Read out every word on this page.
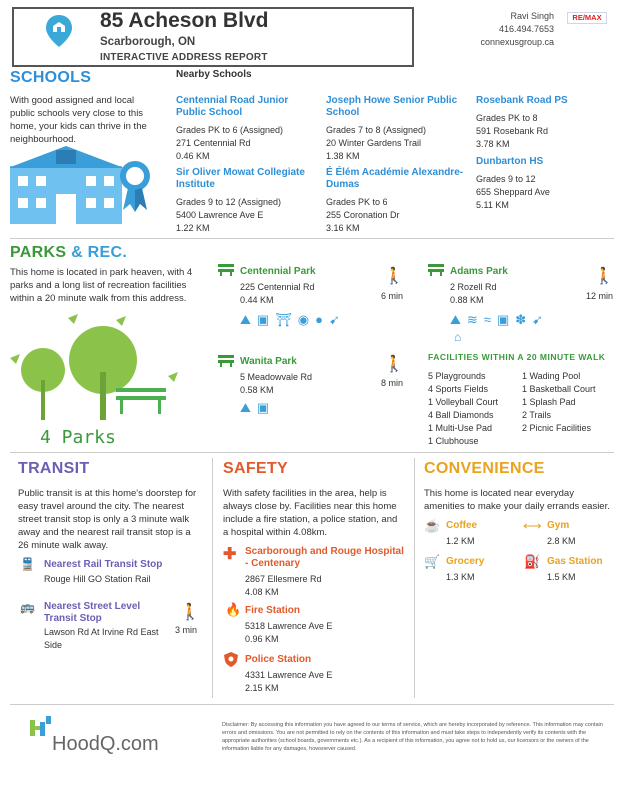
85 Acheson Blvd
Scarborough, ON
INTERACTIVE ADDRESS REPORT
Ravi Singh
416.494.7653
connexusgroup.ca
RE/MAX
SCHOOLS
With good assigned and local public schools very close to this home, your kids can thrive in the neighbourhood.
Nearby Schools
Centennial Road Junior Public School
Grades PK to 6 (Assigned)
271 Centennial Rd
0.46 KM
Joseph Howe Senior Public School
Grades 7 to 8 (Assigned)
20 Winter Gardens Trail
1.38 KM
Rosebank Road PS
Grades PK to 8
591 Rosebank Rd
3.78 KM
Sir Oliver Mowat Collegiate Institute
Grades 9 to 12 (Assigned)
5400 Lawrence Ave E
1.22 KM
É Élém Académie Alexandre-Dumas
Grades PK to 6
255 Coronation Dr
3.16 KM
Dunbarton HS
Grades 9 to 12
655 Sheppard Ave
5.11 KM
PARKS & REC.
This home is located in park heaven, with 4 parks and a long list of recreation facilities within a 20 minute walk from this address.
4 Parks
Centennial Park
225 Centennial Rd
0.44 KM
🚶
6 min
⛰ ▣ ⛩ ◉ ● ➹
Adams Park
2 Rozell Rd
0.88 KM
🚶
12 min
⛰ ≋ ≈ ▣ ✽ ➹
⌂
Wanita Park
5 Meadowvale Rd
0.58 KM
🚶
8 min
⛰ ▣
FACILITIES WITHIN A 20 MINUTE WALK
5 Playgrounds
4 Sports Fields
1 Volleyball Court
4 Ball Diamonds
1 Multi-Use Pad
1 Clubhouse
1 Wading Pool
1 Basketball Court
1 Splash Pad
2 Trails
2 Picnic Facilities
TRANSIT
Public transit is at this home's doorstep for easy travel around the city. The nearest street transit stop is only a 3 minute walk away and the nearest rail transit stop is a 26 minute walk away.
🚆 Nearest Rail Transit Stop
Rouge Hill GO Station Rail
🚌 Nearest Street Level
Transit Stop
Lawson Rd At Irvine Rd East Side
🚶
3 min
SAFETY
With safety facilities in the area, help is always close by. Facilities near this home include a fire station, a police station, and a hospital within 4.08km.
✚ Scarborough and Rouge Hospital - Centenary
2867 Ellesmere Rd
4.08 KM
🔥 Fire Station
5318 Lawrence Ave E
0.96 KM
Police Station
4331 Lawrence Ave E
2.15 KM
CONVENIENCE
This home is located near everyday amenities to make your daily errands easier.
☕ Coffee
1.2 KM
⟷ Gym
2.8 KM
🛒 Grocery
1.3 KM
⛽ Gas Station
1.5 KM
HoodQ.com
Disclaimer: By accessing this information you have agreed to our terms of service, which are hereby incorporated by reference. This information may contain errors and omissions. You are not permitted to rely on the contents of this information and must take steps to independently verify its contents with the appropriate authorities (school boards, governments etc.). As a recipient of this information, you agree not to hold us, our licensors or the owners of the information liable for any damages, howsoever caused.
